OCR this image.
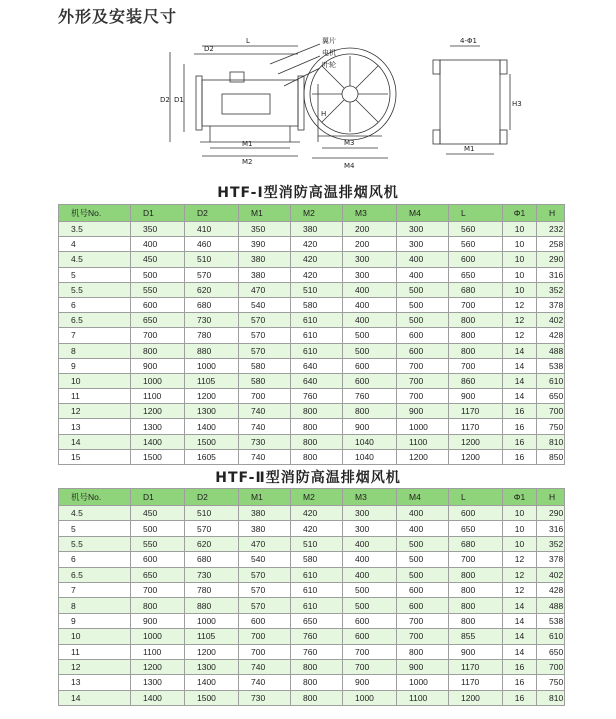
外形及安装尺寸
L
D2
D2 D1
H
M1
M2
M3
M4
4-Φ1
H3
M1
翼片
电机
叶轮
HTF-I型消防高温排烟风机
机号No.	D1	D2	M1	M2	M3	M4	L	Φ1	H
3.5	350	410	350	380	200	300	560	10	232
4	400	460	390	420	200	300	560	10	258
4.5	450	510	380	420	300	400	600	10	290
5	500	570	380	420	300	400	650	10	316
5.5	550	620	470	510	400	500	680	10	352
6	600	680	540	580	400	500	700	12	378
6.5	650	730	570	610	400	500	800	12	402
7	700	780	570	610	500	600	800	12	428
8	800	880	570	610	500	600	800	14	488
9	900	1000	580	640	600	700	700	14	538
10	1000	1105	580	640	600	700	860	14	610
11	1100	1200	700	760	760	700	900	14	650
12	1200	1300	740	800	800	900	1170	16	700
13	1300	1400	740	800	900	1000	1170	16	750
14	1400	1500	730	800	1040	1100	1200	16	810
15	1500	1605	740	800	1040	1200	1200	16	850
HTF-Ⅱ型消防高温排烟风机
机号No.	D1	D2	M1	M2	M3	M4	L	Φ1	H
4.5	450	510	380	420	300	400	600	10	290
5	500	570	380	420	300	400	650	10	316
5.5	550	620	470	510	400	500	680	10	352
6	600	680	540	580	400	500	700	12	378
6.5	650	730	570	610	400	500	800	12	402
7	700	780	570	610	500	600	800	12	428
8	800	880	570	610	500	600	800	14	488
9	900	1000	600	650	600	700	800	14	538
10	1000	1105	700	760	600	700	855	14	610
11	1100	1200	700	760	700	800	900	14	650
12	1200	1300	740	800	700	900	1170	16	700
13	1300	1400	740	800	900	1000	1170	16	750
14	1400	1500	730	800	1000	1100	1200	16	810
